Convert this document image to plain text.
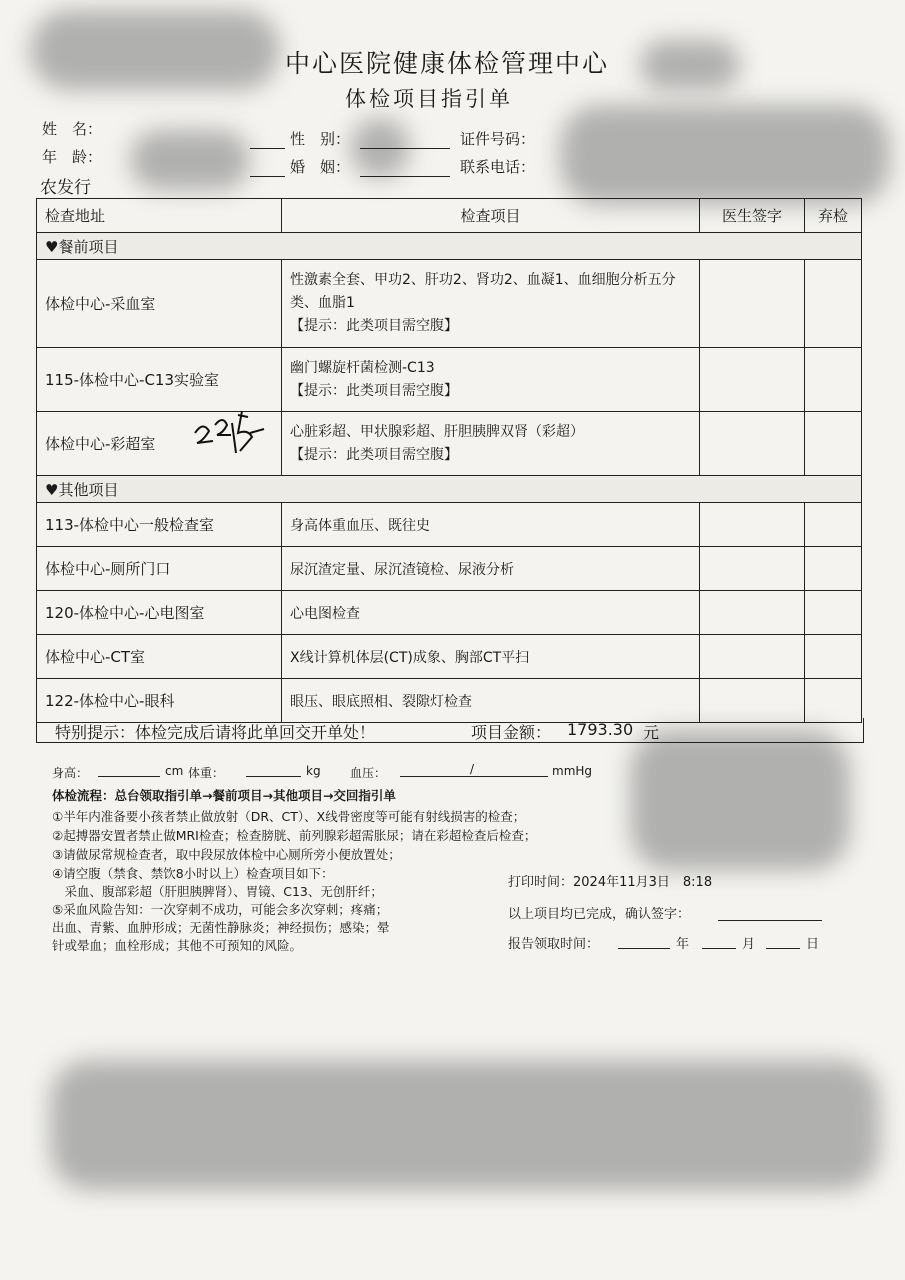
中心医院健康体检管理中心
体检项目指引单
姓　名：
性　别：	证件号码：
年　龄：
婚　姻：	联系电话：
农发行
检查地址	检查项目	医生签字	弃检
♥餐前项目			
体检中心-采血室	性激素全套、甲功2、肝功2、肾功2、血凝1、血细胞分析五分类、血脂1
【提示：此类项目需空腹】		

115-体检中心-C13实验室	幽门螺旋杆菌检测-C13
【提示：此类项目需空腹】		

体检中心-彩超室	心脏彩超、甲状腺彩超、肝胆胰脾双肾（彩超）
【提示：此类项目需空腹】		

♥其他项目			
113-体检中心一般检查室	身高体重血压、既往史		
体检中心-厕所门口	尿沉渣定量、尿沉渣镜检、尿液分析		
120-体检中心-心电图室	心电图检查		
体检中心-CT室	X线计算机体层(CT)成象、胸部CT平扫		
122-体检中心-眼科	眼压、眼底照相、裂隙灯检查		
特别提示：体检完成后请将此单回交开单处！	项目金额： 1793.30 元
身高：	cm 体重：	kg 血压：	/	mmHg
体检流程：总台领取指引单→餐前项目→其他项目→交回指引单
①半年内准备要小孩者禁止做放射（DR、CT）、X线骨密度等可能有射线损害的检查；
②起搏器安置者禁止做MRI检查；检查膀胱、前列腺彩超需胀尿；请在彩超检查后检查；
③请做尿常规检查者，取中段尿放体检中心厕所旁小便放置处；
④请空腹（禁食、禁饮8小时以上）检查项目如下：
　采血、腹部彩超（肝胆胰脾肾）、胃镜、C13、无创肝纤；
⑤采血风险告知：一次穿刺不成功，可能会多次穿刺；疼痛；
出血、青紫、血肿形成；无菌性静脉炎；神经损伤；感染；晕
针或晕血；血栓形成；其他不可预知的风险。
打印时间：2024年11月3日　8:18
以上项目均已完成，确认签字：
报告领取时间：	年	月	日
